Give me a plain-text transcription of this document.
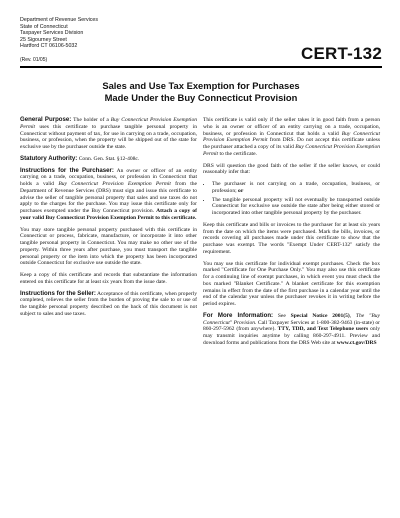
Department of Revenue Services
State of Connecticut
Taxpayer Services Division
25 Sigourney Street
Hartford CT 06106-5032
(Rev. 01/05)	CERT-132
Sales and Use Tax Exemption for Purchases
Made Under the Buy Connecticut Provision

General Purpose: The holder of a Buy Connecticut Provision Exemption Permit uses this certificate to purchase tangible personal property in Connecticut without payment of tax, for use in carrying on a trade, occupation, business, or profession, when the property will be shipped out of the state for exclusive use by the purchaser outside the state.

Statutory Authority: Conn. Gen. Stat. §12-408c.

Instructions for the Purchaser: An owner or officer of an entity carrying on a trade, occupation, business, or profession in Connecticut that holds a valid Buy Connecticut Provision Exemption Permit from the Department of Revenue Services (DRS) must sign and issue this certificate to advise the seller of tangible personal property that sales and use taxes do not apply to the charges for the purchase. You may issue this certificate only for purchases exempted under the Buy Connecticut provision. Attach a copy of your valid Buy Connecticut Provision Exemption Permit to this certificate.

You may store tangible personal property purchased with this certificate in Connecticut or process, fabricate, manufacture, or incorporate it into other tangible personal property in Connecticut. You may make no other use of the property. Within three years after purchase, you must transport the tangible personal property or the item into which the property has been incorporated outside Connecticut for exclusive use outside the state.

Keep a copy of this certificate and records that substantiate the information entered on this certificate for at least six years from the issue date.

Instructions for the Seller: Acceptance of this certificate, when properly completed, relieves the seller from the burden of proving the sale to or use of the tangible personal property described on the back of this document is not subject to sales and use taxes.

This certificate is valid only if the seller takes it in good faith from a person who is an owner or officer of an entity carrying on a trade, occupation, business, or profession in Connecticut that holds a valid Buy Connecticut Provision Exemption Permit from DRS. Do not accept this certificate unless the purchaser attached a copy of its valid Buy Connecticut Provision Exemption Permit to the certificate.

DRS will question the good faith of the seller if the seller knows, or could reasonably infer that:

• The purchaser is not carrying on a trade, occupation, business, or profession; or
• The tangible personal property will not eventually be transported outside Connecticut for exclusive use outside the state after being either stored or incorporated into other tangible personal property by the purchaser.

Keep this certificate and bills or invoices to the purchaser for at least six years from the date on which the items were purchased. Mark the bills, invoices, or records covering all purchases made under this certificate to show that the purchase was exempt. The words "Exempt Under CERT-132" satisfy the requirement.

You may use this certificate for individual exempt purchases. Check the box marked "Certificate for One Purchase Only." You may also use this certificate for a continuing line of exempt purchases, in which event you must check the box marked "Blanket Certificate." A blanket certificate for this exemption remains in effect from the date of the first purchase in a calendar year until the end of the calendar year unless the purchaser revokes it in writing before the period expires.

For More Information: See Special Notice 2001(5), The "Buy Connecticut" Provision. Call Taxpayer Services at 1-800-382-9463 (in-state) or 860-297-5962 (from anywhere). TTY, TDD, and Text Telephone users only may transmit inquiries anytime by calling 860-297-4911. Preview and download forms and publications from the DRS Web site at www.ct.gov/DRS
